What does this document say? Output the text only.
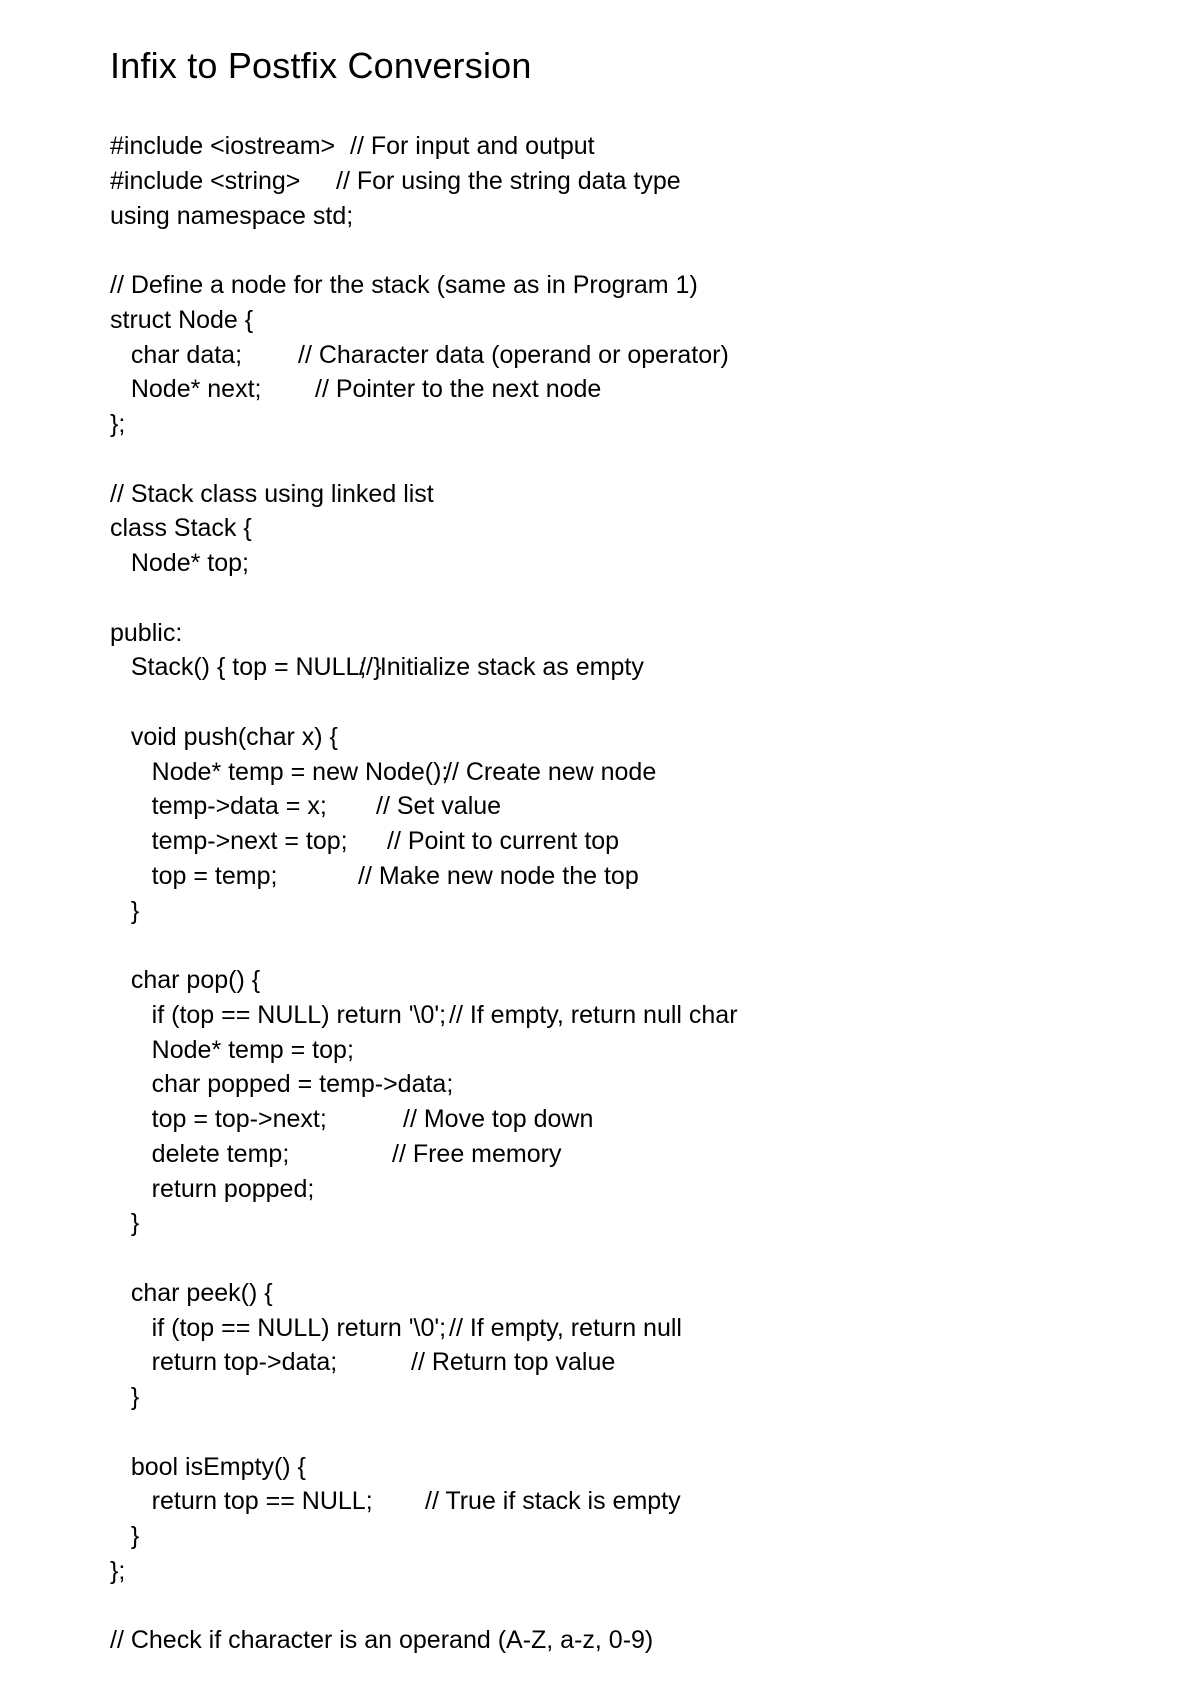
Infix to Postfix Conversion
#include <iostream> // For input and output
#include <string> // For using the string data type
using namespace std;
// Define a node for the stack (same as in Program 1)
struct Node {
char data; // Character data (operand or operator)
Node* next; // Pointer to the next node
};
// Stack class using linked list
class Stack {
Node* top;
public:
Stack() { top = NULL; }
// Initialize stack as empty
void push(char x) {
Node* temp = new Node();
// Create new node
temp->data = x; // Set value
temp->next = top; // Point to current top
top = temp;	// Make new node the top
}
char pop() {
if (top == NULL) return '\0'; // If empty, return null char
Node* temp = top;
char popped = temp->data;
top = top->next;	// Move top down
delete temp;	// Free memory
return popped;
}
char peek() {
if (top == NULL) return '\0'; // If empty, return null
return top->data;	// Return top value
}
bool isEmpty() {
return top == NULL; // True if stack is empty
}
};
// Check if character is an operand (A-Z, a-z, 0-9)
